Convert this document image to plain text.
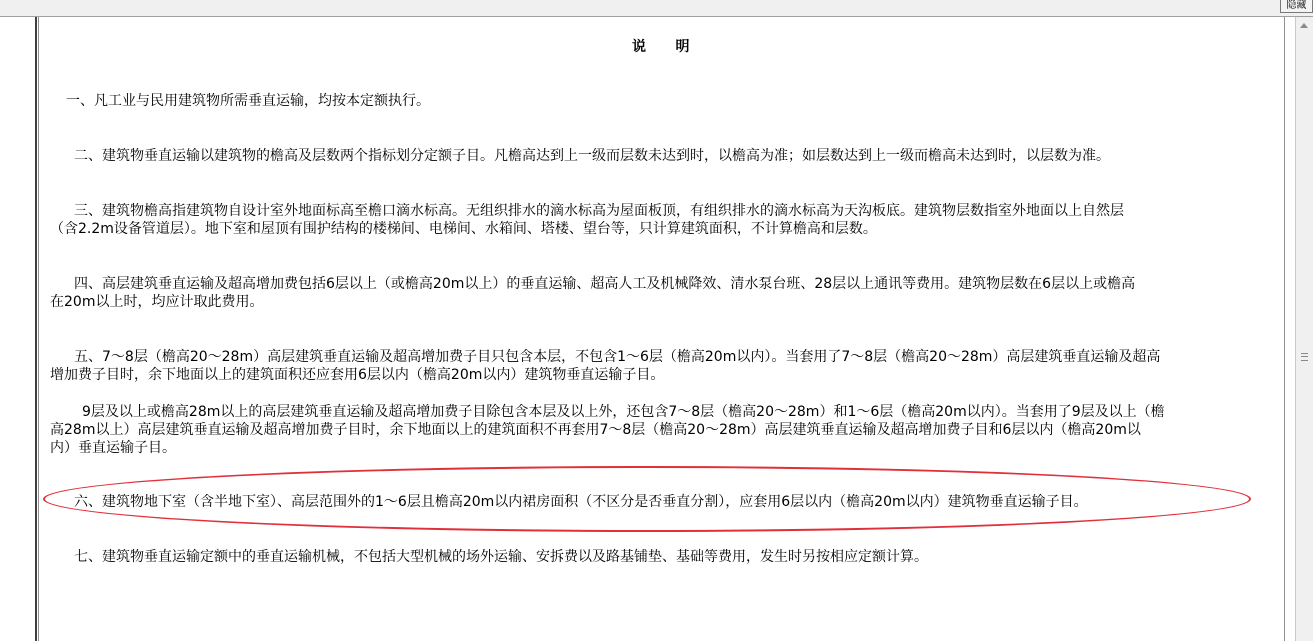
隐藏
说    明
一、凡工业与民用建筑物所需垂直运输，均按本定额执行。
二、建筑物垂直运输以建筑物的檐高及层数两个指标划分定额子目。凡檐高达到上一级而层数未达到时，以檐高为准；如层数达到上一级而檐高未达到时，以层数为准。
三、建筑物檐高指建筑物自设计室外地面标高至檐口滴水标高。无组织排水的滴水标高为屋面板顶，有组织排水的滴水标高为天沟板底。建筑物层数指室外地面以上自然层
（含2.2m设备管道层）。地下室和屋顶有围护结构的楼梯间、电梯间、水箱间、塔楼、望台等，只计算建筑面积，不计算檐高和层数。
四、高层建筑垂直运输及超高增加费包括6层以上（或檐高20m以上）的垂直运输、超高人工及机械降效、清水泵台班、28层以上通讯等费用。建筑物层数在6层以上或檐高
在20m以上时，均应计取此费用。
五、7～8层（檐高20～28m）高层建筑垂直运输及超高增加费子目只包含本层，不包含1～6层（檐高20m以内）。当套用了7～8层（檐高20～28m）高层建筑垂直运输及超高
增加费子目时，余下地面以上的建筑面积还应套用6层以内（檐高20m以内）建筑物垂直运输子目。
9层及以上或檐高28m以上的高层建筑垂直运输及超高增加费子目除包含本层及以上外，还包含7～8层（檐高20～28m）和1～6层（檐高20m以内）。当套用了9层及以上（檐
高28m以上）高层建筑垂直运输及超高增加费子目时，余下地面以上的建筑面积不再套用7～8层（檐高20～28m）高层建筑垂直运输及超高增加费子目和6层以内（檐高20m以
内）垂直运输子目。
六、建筑物地下室（含半地下室）、高层范围外的1～6层且檐高20m以内裙房面积（不区分是否垂直分割），应套用6层以内（檐高20m以内）建筑物垂直运输子目。
七、建筑物垂直运输定额中的垂直运输机械，不包括大型机械的场外运输、安拆费以及路基铺垫、基础等费用，发生时另按相应定额计算。
